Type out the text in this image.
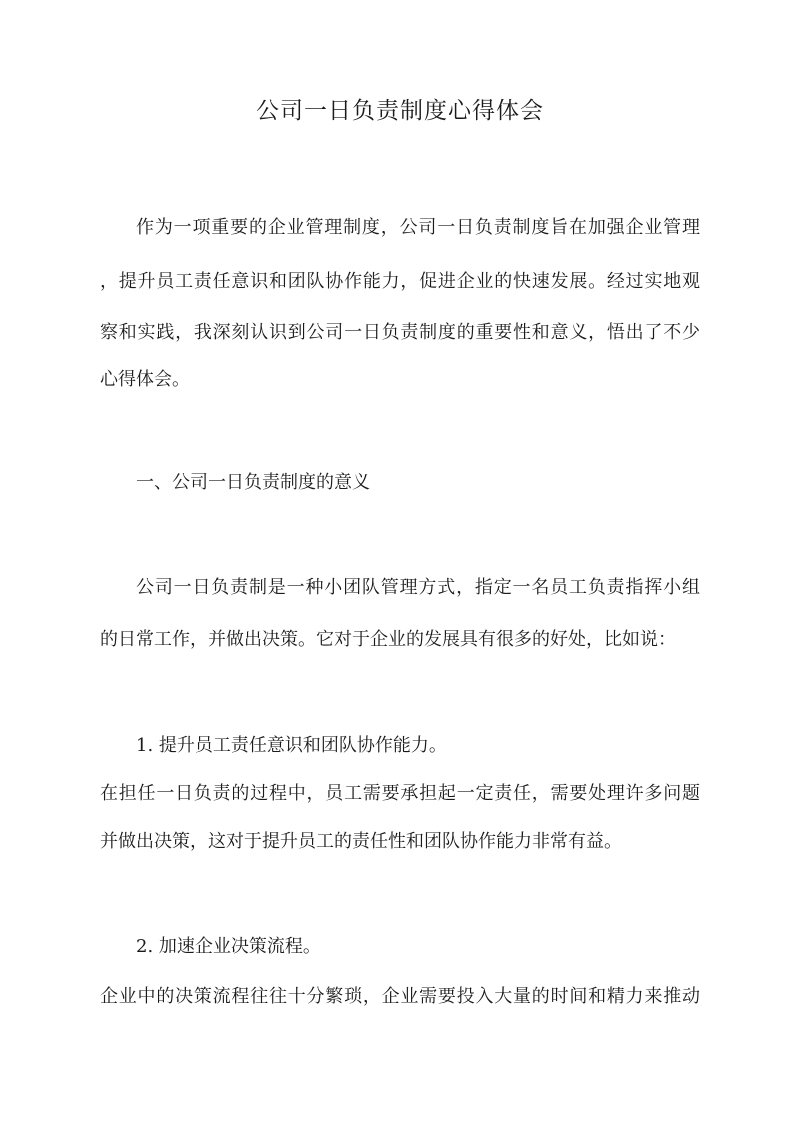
公司一日负责制度心得体会
作为一项重要的企业管理制度，公司一日负责制度旨在加强企业管理
，提升员工责任意识和团队协作能力，促进企业的快速发展。经过实地观
察和实践，我深刻认识到公司一日负责制度的重要性和意义，悟出了不少
心得体会。
一、公司一日负责制度的意义
公司一日负责制是一种小团队管理方式，指定一名员工负责指挥小组
的日常工作，并做出决策。它对于企业的发展具有很多的好处，比如说：
1. 提升员工责任意识和团队协作能力。
在担任一日负责的过程中，员工需要承担起一定责任，需要处理许多问题
并做出决策，这对于提升员工的责任性和团队协作能力非常有益。
2. 加速企业决策流程。
企业中的决策流程往往十分繁琐，企业需要投入大量的时间和精力来推动
